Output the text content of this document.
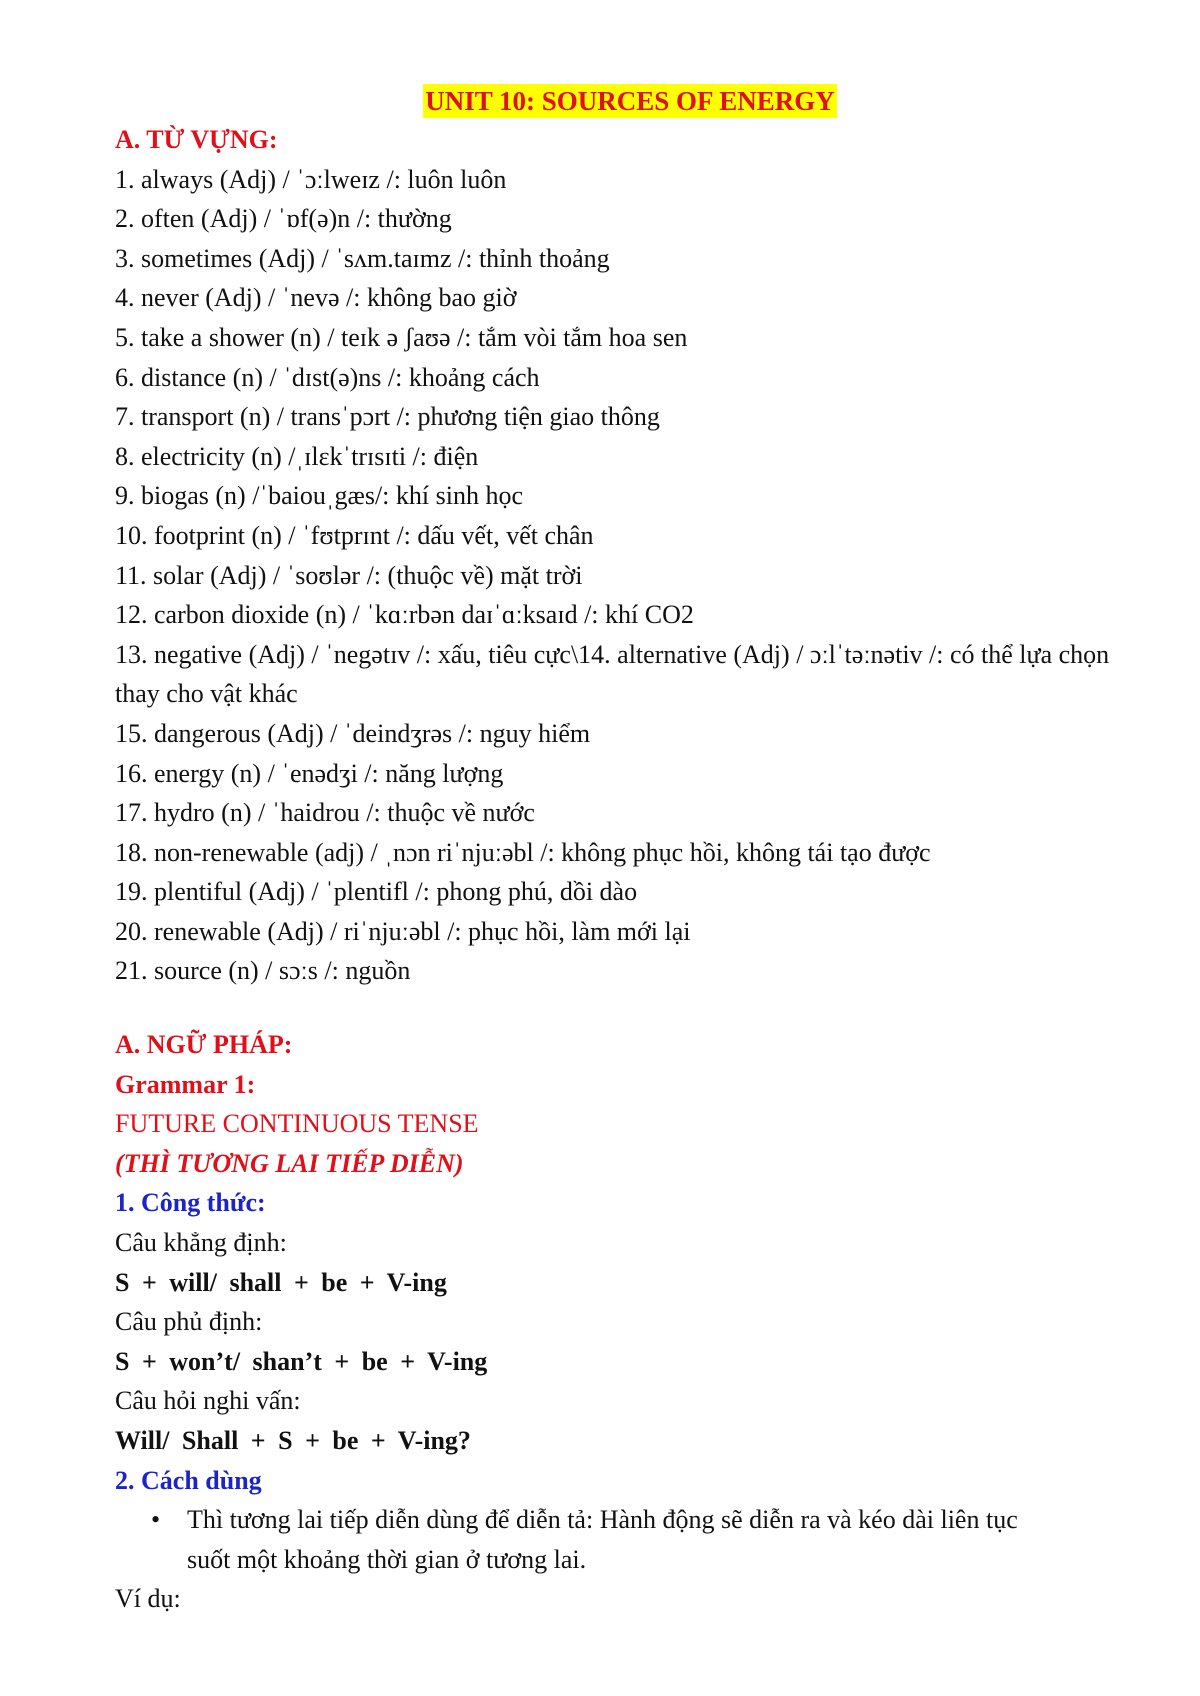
UNIT 10: SOURCES OF ENERGY
A. TỪ VỰNG:
1. always (Adj) / ˈɔːlweɪz /: luôn luôn
2. often (Adj) / ˈɒf(ə)n /: thường
3. sometimes (Adj) / ˈsʌm.taɪmz /: thỉnh thoảng
4. never (Adj) / ˈnevə /: không bao giờ
5. take a shower (n) / teɪk ə ʃaʊə /: tắm vòi tắm hoa sen
6. distance (n) / ˈdɪst(ə)ns /: khoảng cách
7. transport (n) / transˈpɔrt /: phương tiện giao thông
8. electricity (n) /ˌɪlɛkˈtrɪsɪti /: điện
9. biogas (n) /ˈbaiouˌgæs/: khí sinh học
10. footprint (n) / ˈfʊtprɪnt /: dấu vết, vết chân
11. solar (Adj) / ˈsoʊlər /: (thuộc về) mặt trời
12. carbon dioxide (n) / ˈkɑːrbən daɪˈɑːksaɪd /: khí CO2
13. negative (Adj) / ˈnegətɪv /: xấu, tiêu cực\14. alternative (Adj) / ɔːlˈtəːnətiv /: có thể lựa chọn thay cho vật khác
15. dangerous (Adj) / ˈdeindʒrəs /: nguy hiểm
16. energy (n) / ˈenədʒi /: năng lượng
17. hydro (n) / ˈhaidrou /: thuộc về nước
18. non-renewable (adj) / ˌnɔn riˈnjuːəbl /: không phục hồi, không tái tạo được
19. plentiful (Adj) / ˈplentifl /: phong phú, dồi dào
20. renewable (Adj) / riˈnjuːəbl /: phục hồi, làm mới lại
21. source (n) / sɔːs /: nguồn
A. NGỮ PHÁP:
Grammar 1:
FUTURE CONTINUOUS TENSE
(THÌ TƯƠNG LAI TIẾP DIỄN)
1. Công thức:
Câu khẳng định:
S + will/ shall + be + V-ing
Câu phủ định:
S + won’t/ shan’t + be + V-ing
Câu hỏi nghi vấn:
Will/ Shall + S + be + V-ing?
2. Cách dùng
• Thì tương lai tiếp diễn dùng để diễn tả: Hành động sẽ diễn ra và kéo dài liên tục
suốt một khoảng thời gian ở tương lai.
Ví dụ:
